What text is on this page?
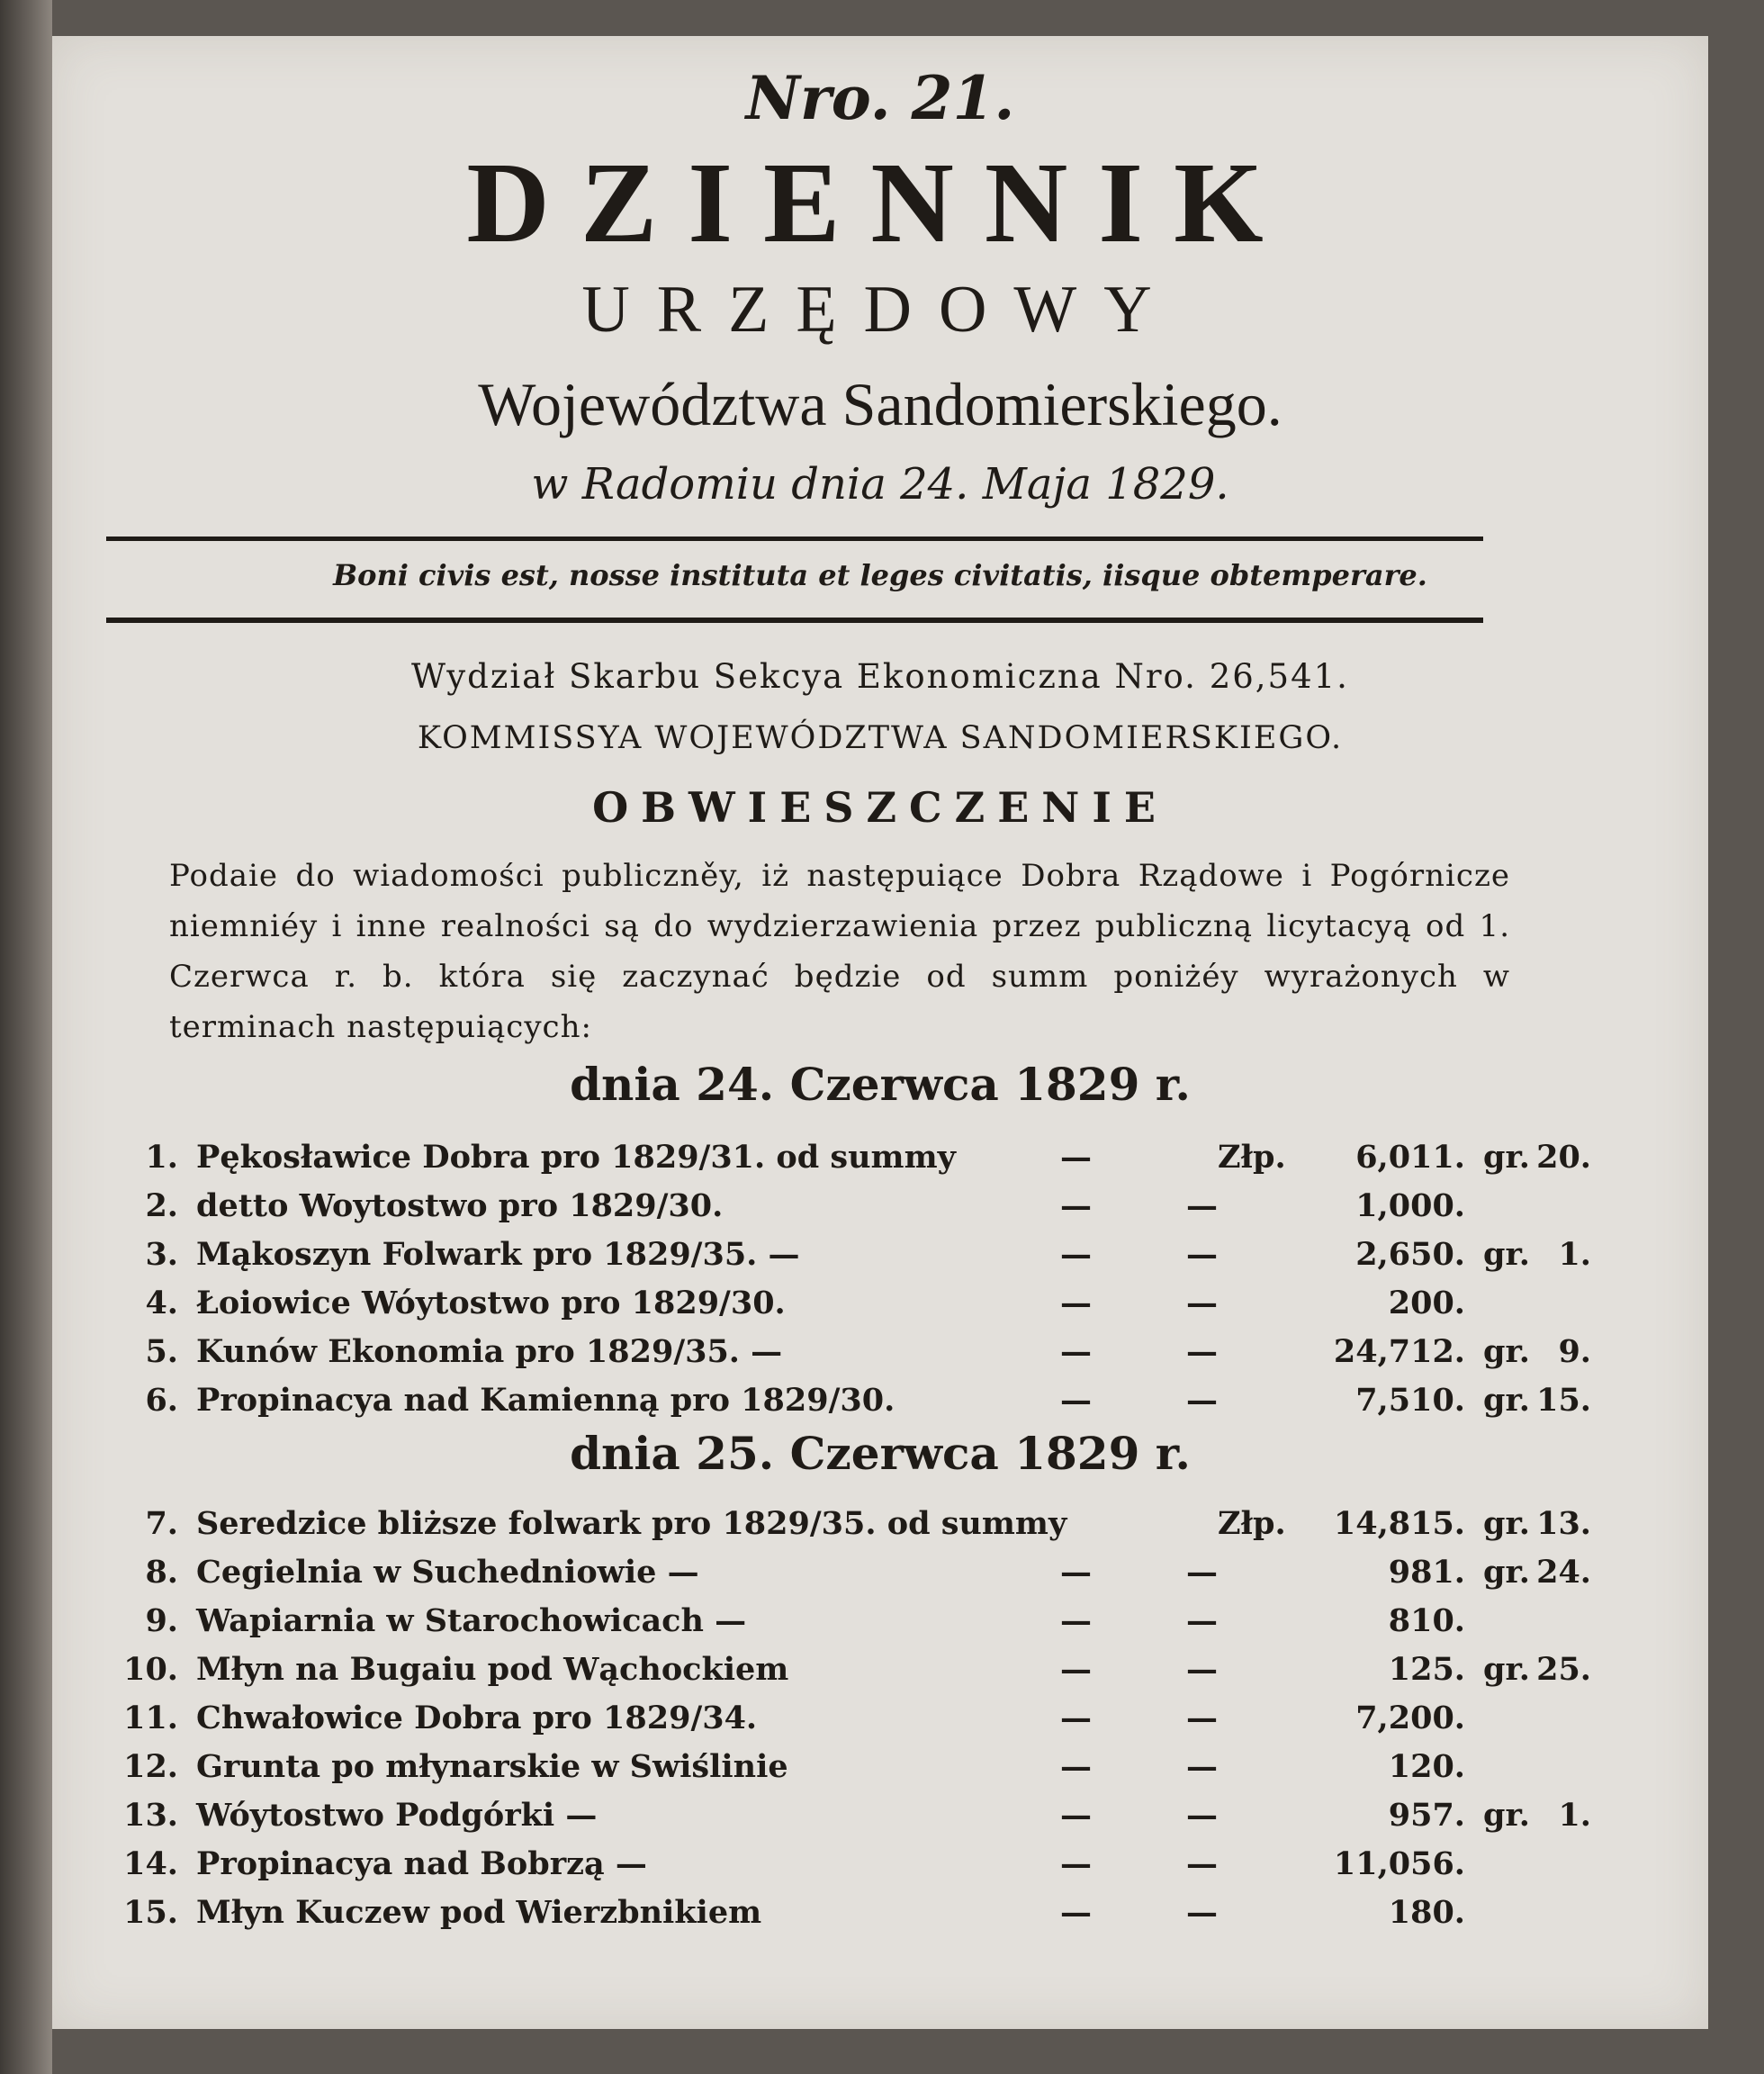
Nro. 21.
DZIENNIK
URZĘDOWY
Województwa Sandomierskiego.
w Radomiu dnia 24. Maja 1829.
Boni civis est, nosse instituta et leges civitatis, iisque obtemperare.
Wydział Skarbu Sekcya Ekonomiczna Nro. 26,541.
KOMMISSYA WOJEWÓDZTWA SANDOMIERSKIEGO.
OBWIESZCZENIE
Podaie do wiadomości publiczněy, iż następuiące Dobra Rządowe i Pogórnicze niemniéy i inne realności są do wydzierzawienia przez publiczną licytacyą od 1. Czerwca r. b. która się zaczynać będzie od summ poniżéy wyrażonych w terminach następuiących:
dnia 24. Czerwca 1829 r.
1. Pękosławice Dobra pro 1829/31. od summy	—	Złp.	6,011. gr. 20.
2. detto Woytostwo pro 1829/30.	—	—	1,000.
3. Mąkoszyn Folwark pro 1829/35. —	—	—	2,650. gr. 1.
4. Łoiowice Wóytostwo pro 1829/30.	—	—	200.
5. Kunów Ekonomia pro 1829/35. —	—	—	24,712. gr. 9.
6. Propinacya nad Kamienną pro 1829/30.	—	—	7,510. gr. 15.
dnia 25. Czerwca 1829 r.
7. Seredzice bliższe folwark pro 1829/35. od summy	Złp.	14,815. gr. 13.
8. Cegielnia w Suchedniowie —	—	—	981. gr. 24.
9. Wapiarnia w Starochowicach —	—	—	810.
10. Młyn na Bugaiu pod Wąchockiem	—	—	125. gr. 25.
11. Chwałowice Dobra pro 1829/34.	—	—	7,200.
12. Grunta po młynarskie w Swiślinie	—	—	120.
13. Wóytostwo Podgórki —	—	—	957. gr. 1.
14. Propinacya nad Bobrzą —	—	—	11,056.
15. Młyn Kuczew pod Wierzbnikiem	—	—	180.
